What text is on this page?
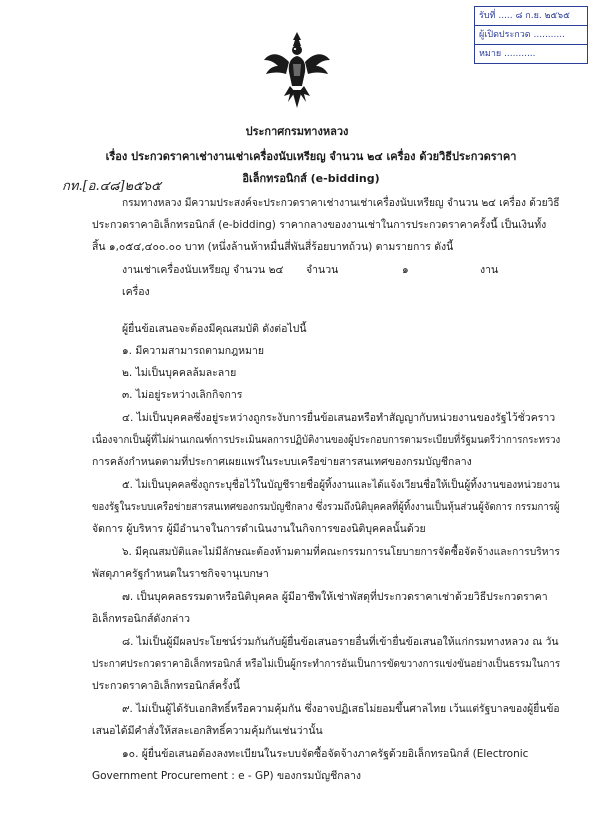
รับที่ ..... ๘ ก.ย. ๒๕๖๕
ผู้เปิดประกวด ...........
หมาย ...........
ประกาศกรมทางหลวง
เรื่อง ประกวดราคาเช่างานเช่าเครื่องนับเหรียญ จำนวน ๒๔ เครื่อง ด้วยวิธีประกวดราคาอิเล็กทรอนิกส์ (e-bidding)
กท.[อ.๔๘]๒๕๖๕
กรมทางหลวง มีความประสงค์จะประกวดราคาเช่างานเช่าเครื่องนับเหรียญ จำนวน ๒๔ เครื่อง ด้วยวิธี
ประกวดราคาอิเล็กทรอนิกส์ (e-bidding) ราคากลางของงานเช่าในการประกวดราคาครั้งนี้ เป็นเงินทั้ง
สิ้น ๑,๐๕๔,๔๐๐.๐๐ บาท (หนึ่งล้านห้าหมื่นสี่พันสี่ร้อยบาทถ้วน) ตามรายการ ดังนี้
งานเช่าเครื่องนับเหรียญ จำนวน ๒๔ จำนวน	๑	งาน
เครื่อง
ผู้ยื่นข้อเสนอจะต้องมีคุณสมบัติ ดังต่อไปนี้
๑. มีความสามารถตามกฎหมาย
๒. ไม่เป็นบุคคลล้มละลาย
๓. ไม่อยู่ระหว่างเลิกกิจการ
๔. ไม่เป็นบุคคลซึ่งอยู่ระหว่างถูกระงับการยื่นข้อเสนอหรือทำสัญญากับหน่วยงานของรัฐไว้ชั่วคราว
เนื่องจากเป็นผู้ที่ไม่ผ่านเกณฑ์การประเมินผลการปฏิบัติงานของผู้ประกอบการตามระเบียบที่รัฐมนตรีว่าการกระทรวง
การคลังกำหนดตามที่ประกาศเผยแพร่ในระบบเครือข่ายสารสนเทศของกรมบัญชีกลาง
๕. ไม่เป็นบุคคลซึ่งถูกระบุชื่อไว้ในบัญชีรายชื่อผู้ทิ้งงานและได้แจ้งเวียนชื่อให้เป็นผู้ทิ้งงานของหน่วยงาน
ของรัฐในระบบเครือข่ายสารสนเทศของกรมบัญชีกลาง ซึ่งรวมถึงนิติบุคคลที่ผู้ทิ้งงานเป็นหุ้นส่วนผู้จัดการ กรรมการผู้
จัดการ ผู้บริหาร ผู้มีอำนาจในการดำเนินงานในกิจการของนิติบุคคลนั้นด้วย
๖. มีคุณสมบัติและไม่มีลักษณะต้องห้ามตามที่คณะกรรมการนโยบายการจัดซื้อจัดจ้างและการบริหาร
พัสดุภาครัฐกำหนดในราชกิจจานุเบกษา
๗. เป็นบุคคลธรรมดาหรือนิติบุคคล ผู้มีอาชีพให้เช่าพัสดุที่ประกวดราคาเช่าด้วยวิธีประกวดราคา
อิเล็กทรอนิกส์ดังกล่าว
๘. ไม่เป็นผู้มีผลประโยชน์ร่วมกันกับผู้ยื่นข้อเสนอรายอื่นที่เข้ายื่นข้อเสนอให้แก่กรมทางหลวง ณ วัน
ประกาศประกวดราคาอิเล็กทรอนิกส์ หรือไม่เป็นผู้กระทำการอันเป็นการขัดขวางการแข่งขันอย่างเป็นธรรมในการ
ประกวดราคาอิเล็กทรอนิกส์ครั้งนี้
๙. ไม่เป็นผู้ได้รับเอกสิทธิ์หรือความคุ้มกัน ซึ่งอาจปฏิเสธไม่ยอมขึ้นศาลไทย เว้นแต่รัฐบาลของผู้ยื่นข้อ
เสนอได้มีคำสั่งให้สละเอกสิทธิ์ความคุ้มกันเช่นว่านั้น
๑๐. ผู้ยื่นข้อเสนอต้องลงทะเบียนในระบบจัดซื้อจัดจ้างภาครัฐด้วยอิเล็กทรอนิกส์ (Electronic
Government Procurement : e - GP) ของกรมบัญชีกลาง
